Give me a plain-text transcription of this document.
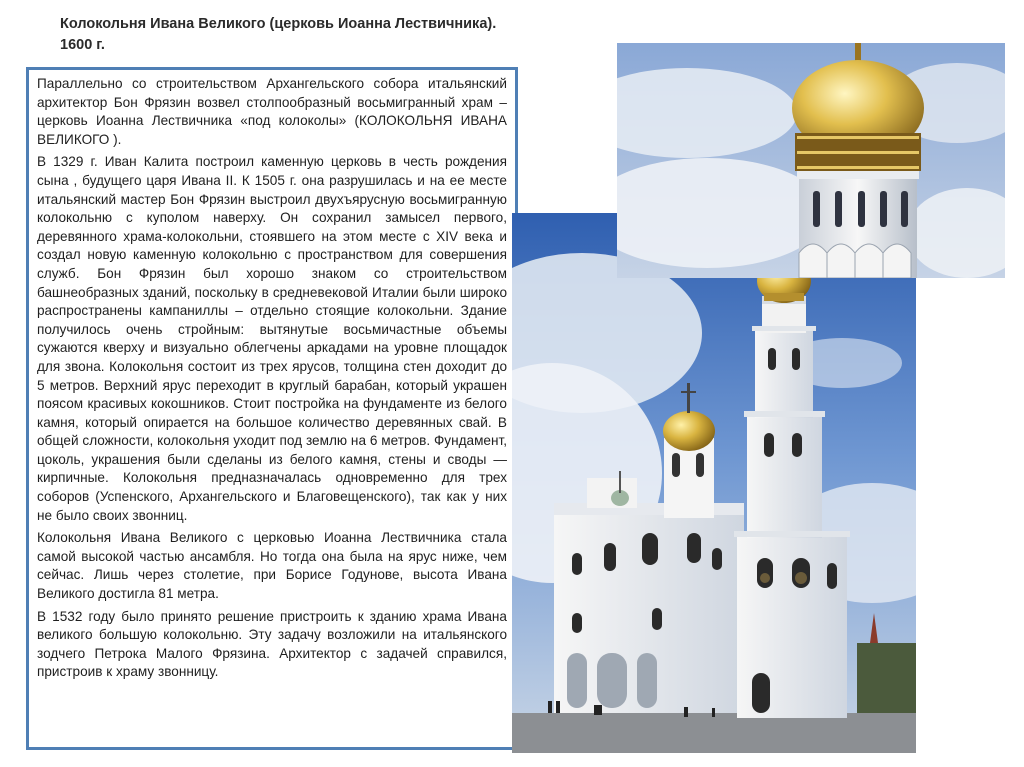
Колокольня Ивана Великого (церковь Иоанна Лествичника). 1600 г.

Параллельно со строительством Архангельского собора итальянский архитектор Бон Фрязин возвел столпообразный восьмигранный храм – церковь Иоанна Лествичника «под колоколы» (КОЛОКОЛЬНЯ ИВАНА ВЕЛИКОГО ).

В 1329 г. Иван Калита построил каменную церковь в честь рождения сына , будущего царя Ивана II. К 1505 г. она разрушилась и на ее месте итальянский мастер Бон Фрязин выстроил двухъярусную восьмигранную колокольню с куполом наверху. Он сохранил замысел первого, деревянного храма-колокольни, стоявшего на этом месте с XIV века и создал новую каменную колокольню с пространством для совершения служб. Бон Фрязин был хорошо знаком со строительством башнеобразных зданий, поскольку в средневековой Италии были широко распространены кампаниллы – отдельно стоящие колокольни. Здание получилось очень стройным: вытянутые восьмичастные объемы сужаются кверху и визуально облегчены аркадами на уровне площадок для звона. Колокольня состоит из трех ярусов, толщина стен доходит до 5 метров. Верхний ярус переходит в круглый барабан, который украшен поясом красивых кокошников. Стоит постройка на фундаменте из белого камня, который опирается на большое количество деревянных свай. В общей сложности, колокольня уходит под землю на 6 метров. Фундамент, цоколь, украшения были сделаны из белого камня, стены и своды — кирпичные. Колокольня предназначалась одновременно для трех соборов (Успенского, Архангельского и Благовещенского), так как у них не было своих звонниц.

Колокольня Ивана Великого с церковью Иоанна Лествичника стала самой высокой частью ансамбля. Но тогда она была на ярус ниже, чем сейчас. Лишь через столетие, при Борисе Годунове, высота Ивана Великого достигла 81 метра.

В 1532 году было принято решение пристроить к зданию храма Ивана великого большую колокольню. Эту задачу возложили на итальянского зодчего Петрока Малого Фрязина. Архитектор с задачей справился, пристроив к храму звонницу.
